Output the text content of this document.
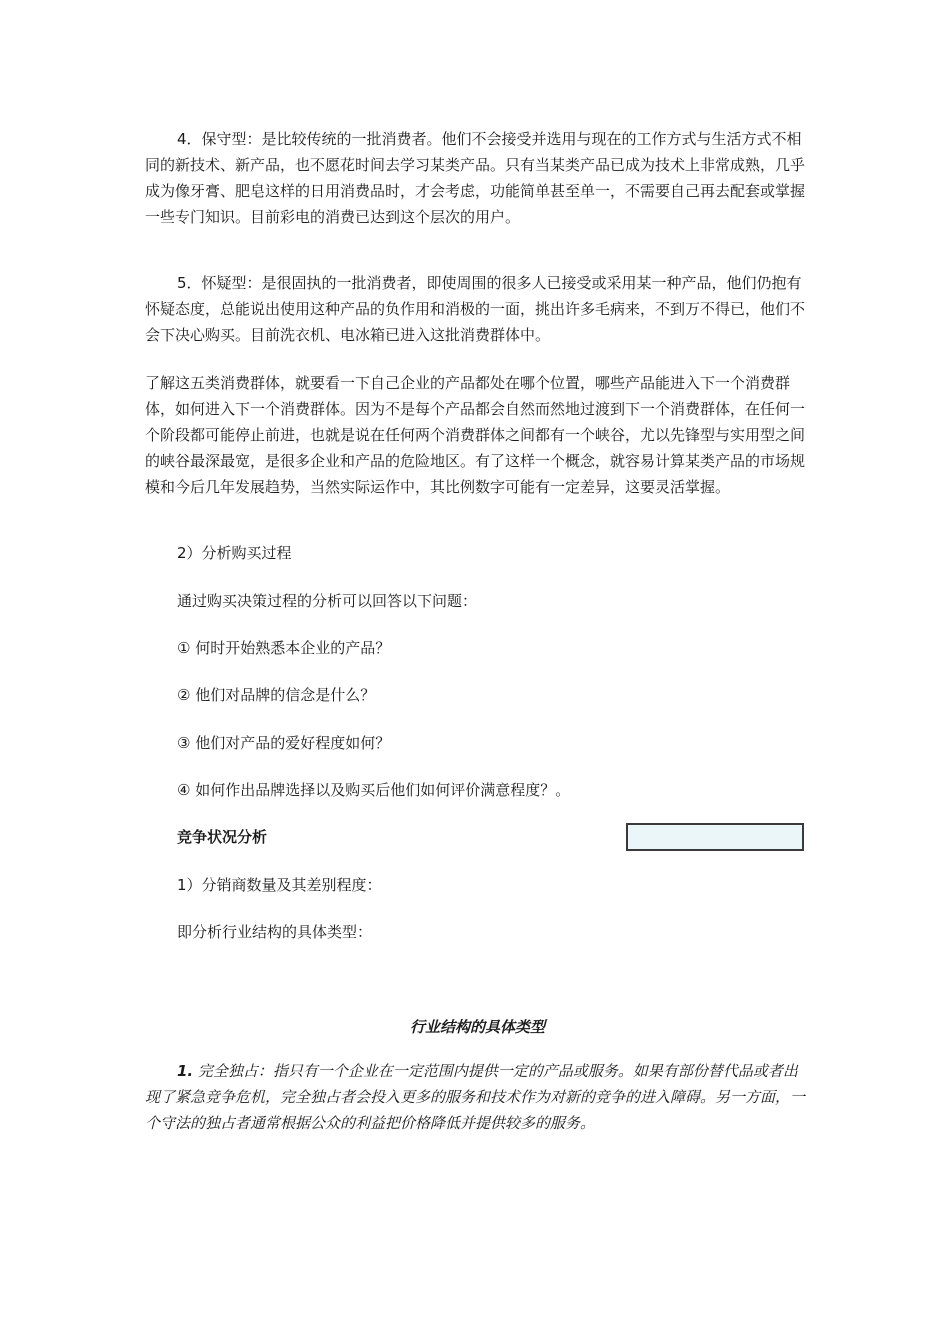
4．保守型：是比较传统的一批消费者。他们不会接受并选用与现在的工作方式与生活方式不相同的新技术、新产品，也不愿花时间去学习某类产品。只有当某类产品已成为技术上非常成熟，几乎成为像牙膏、肥皂这样的日用消费品时，才会考虑，功能简单甚至单一，不需要自己再去配套或掌握一些专门知识。目前彩电的消费已达到这个层次的用户。

5．怀疑型：是很固执的一批消费者，即使周围的很多人已接受或采用某一种产品，他们仍抱有怀疑态度，总能说出使用这种产品的负作用和消极的一面，挑出许多毛病来，不到万不得已，他们不会下决心购买。目前洗衣机、电冰箱已进入这批消费群体中。

了解这五类消费群体，就要看一下自己企业的产品都处在哪个位置，哪些产品能进入下一个消费群体，如何进入下一个消费群体。因为不是每个产品都会自然而然地过渡到下一个消费群体，在任何一个阶段都可能停止前进，也就是说在任何两个消费群体之间都有一个峡谷，尤以先锋型与实用型之间的峡谷最深最宽，是很多企业和产品的危险地区。有了这样一个概念，就容易计算某类产品的市场规模和今后几年发展趋势，当然实际运作中，其比例数字可能有一定差异，这要灵活掌握。

2）分析购买过程

通过购买决策过程的分析可以回答以下问题：

① 何时开始熟悉本企业的产品？

② 他们对品牌的信念是什么？

③ 他们对产品的爱好程度如何？

④ 如何作出品牌选择以及购买后他们如何评价满意程度？。

竞争状况分析

1）分销商数量及其差别程度：

即分析行业结构的具体类型：

行业结构的具体类型

1. 完全独占：指只有一个企业在一定范围内提供一定的产品或服务。如果有部份替代品或者出现了紧急竞争危机，完全独占者会投入更多的服务和技术作为对新的竞争的进入障碍。另一方面，一个守法的独占者通常根据公众的利益把价格降低并提供较多的服务。
